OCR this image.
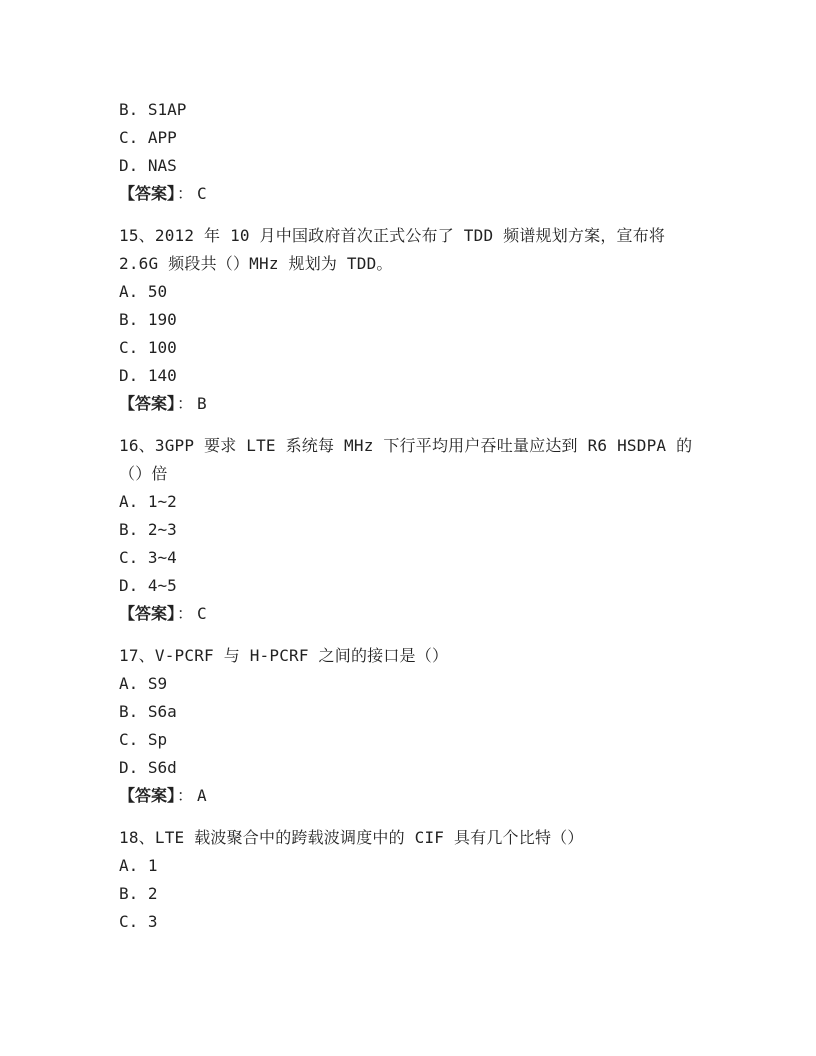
B. S1AP
C. APP
D. NAS
【答案】 ： C
15、2012 年 10 月中国政府首次正式公布了 TDD 频谱规划方案，宣布将 2.6G 频段共（）MHz 规划为 TDD。
A. 50
B. 190
C. 100
D. 140
【答案】 ： B
16、3GPP 要求 LTE 系统每 MHz 下行平均用户吞吐量应达到 R6 HSDPA 的（）倍
A. 1~2
B. 2~3
C. 3~4
D. 4~5
【答案】 ： C
17、V-PCRF 与 H-PCRF 之间的接口是（）
A. S9
B. S6a
C. Sp
D. S6d
【答案】 ： A
18、LTE 载波聚合中的跨载波调度中的 CIF 具有几个比特（）
A. 1
B. 2
C. 3
